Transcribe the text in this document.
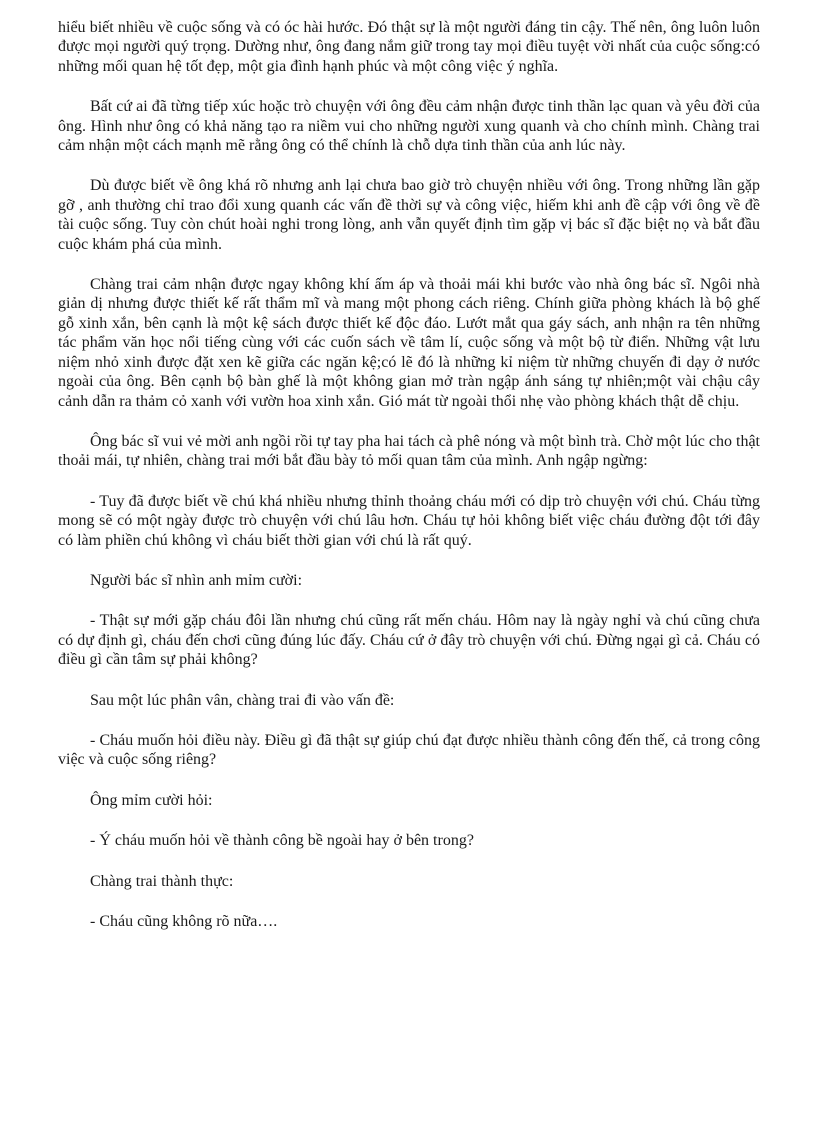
hiểu biết nhiều về cuộc sống và có óc hài hước. Đó thật sự là một người đáng tin cậy. Thế nên, ông luôn luôn được mọi người quý trọng. Dường như, ông đang nắm giữ trong tay mọi điều tuyệt vời nhất của cuộc sống:có những mối quan hệ tốt đẹp, một gia đình hạnh phúc và một công việc ý nghĩa.

Bất cứ ai đã từng tiếp xúc hoặc trò chuyện với ông đều cảm nhận được tinh thần lạc quan và yêu đời của ông. Hình như ông có khả năng tạo ra niềm vui cho những người xung quanh và cho chính mình. Chàng trai cảm nhận một cách mạnh mẽ rằng ông có thể chính là chỗ dựa tinh thần của anh lúc này.

Dù được biết về ông khá rõ nhưng anh lại chưa bao giờ trò chuyện nhiều với ông. Trong những lần gặp gỡ , anh thường chỉ trao đổi xung quanh các vấn đề thời sự và công việc, hiếm khi anh đề cập với ông về đề tài cuộc sống. Tuy còn chút hoài nghi trong lòng, anh vẫn quyết định tìm gặp vị bác sĩ đặc biệt nọ và bắt đầu cuộc khám phá của mình.

Chàng trai cảm nhận được ngay không khí ấm áp và thoải mái khi bước vào nhà ông bác sĩ. Ngôi nhà giản dị nhưng được thiết kế rất thẩm mĩ và mang một phong cách riêng. Chính giữa phòng khách là bộ ghế gỗ xinh xắn, bên cạnh là một kệ sách được thiết kế độc đáo. Lướt mắt qua gáy sách, anh nhận ra tên những tác phẩm văn học nổi tiếng cùng với các cuốn sách về tâm lí, cuộc sống và một bộ từ điển. Những vật lưu niệm nhỏ xinh được đặt xen kẽ giữa các ngăn kệ;có lẽ đó là những kỉ niệm từ những chuyến đi dạy ở nước ngoài của ông. Bên cạnh bộ bàn ghế là một không gian mở tràn ngập ánh sáng tự nhiên;một vài chậu cây cảnh dẫn ra thảm cỏ xanh với vườn hoa xinh xắn. Gió mát từ ngoài thổi nhẹ vào phòng khách thật dễ chịu.

Ông bác sĩ vui vẻ mời anh ngồi rồi tự tay pha hai tách cà phê nóng và một bình trà. Chờ một lúc cho thật thoải mái, tự nhiên, chàng trai mới bắt đầu bày tỏ mối quan tâm của mình. Anh ngập ngừng:

- Tuy đã được biết về chú khá nhiều nhưng thỉnh thoảng cháu mới có dịp trò chuyện với chú. Cháu từng mong sẽ có một ngày được trò chuyện với chú lâu hơn. Cháu tự hỏi không biết việc cháu đường đột tới đây có làm phiền chú không vì cháu biết thời gian với chú là rất quý.

Người bác sĩ nhìn anh mỉm cười:

- Thật sự mới gặp cháu đôi lần nhưng chú cũng rất mến cháu. Hôm nay là ngày nghỉ và chú cũng chưa có dự định gì, cháu đến chơi cũng đúng lúc đấy. Cháu cứ ở đây trò chuyện với chú. Đừng ngại gì cả. Cháu có điều gì cần tâm sự phải không?

Sau một lúc phân vân, chàng trai đi vào vấn đề:

- Cháu muốn hỏi điều này. Điều gì đã thật sự giúp chú đạt được nhiều thành công đến thế, cả trong công việc và cuộc sống riêng?

Ông mỉm cười hỏi:

- Ý cháu muốn hỏi về thành công bề ngoài hay ở bên trong?

Chàng trai thành thực:

- Cháu cũng không rõ nữa….
